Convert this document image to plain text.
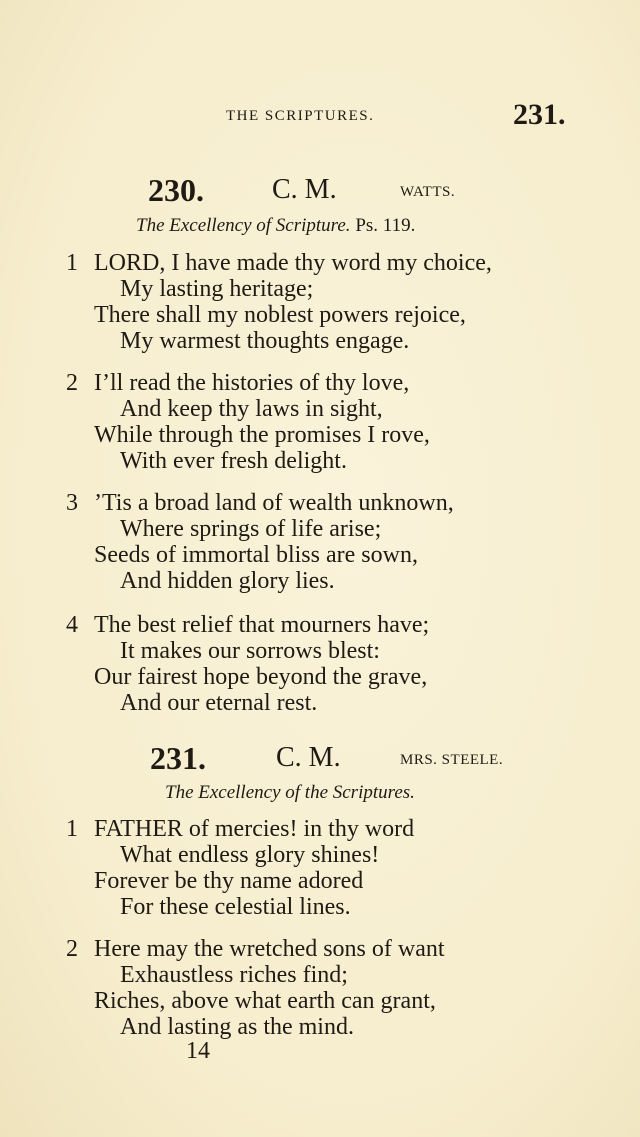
THE SCRIPTURES.	231.
230. C. M.	WATTS.
The Excellency of Scripture. Ps. 119.
1 LORD, I have made thy word my choice,
My lasting heritage;
There shall my noblest powers rejoice,
My warmest thoughts engage.
2 I’ll read the histories of thy love,
And keep thy laws in sight,
While through the promises I rove,
With ever fresh delight.
3 ’Tis a broad land of wealth unknown,
Where springs of life arise;
Seeds of immortal bliss are sown,
And hidden glory lies.
4 The best relief that mourners have;
It makes our sorrows blest:
Our fairest hope beyond the grave,
And our eternal rest.
231.	C. M.	MRS. STEELE.
The Excellency of the Scriptures.
1 FATHER of mercies! in thy word
What endless glory shines!
Forever be thy name adored
For these celestial lines.
2 Here may the wretched sons of want
Exhaustless riches find;
Riches, above what earth can grant,
And lasting as the mind.
14
